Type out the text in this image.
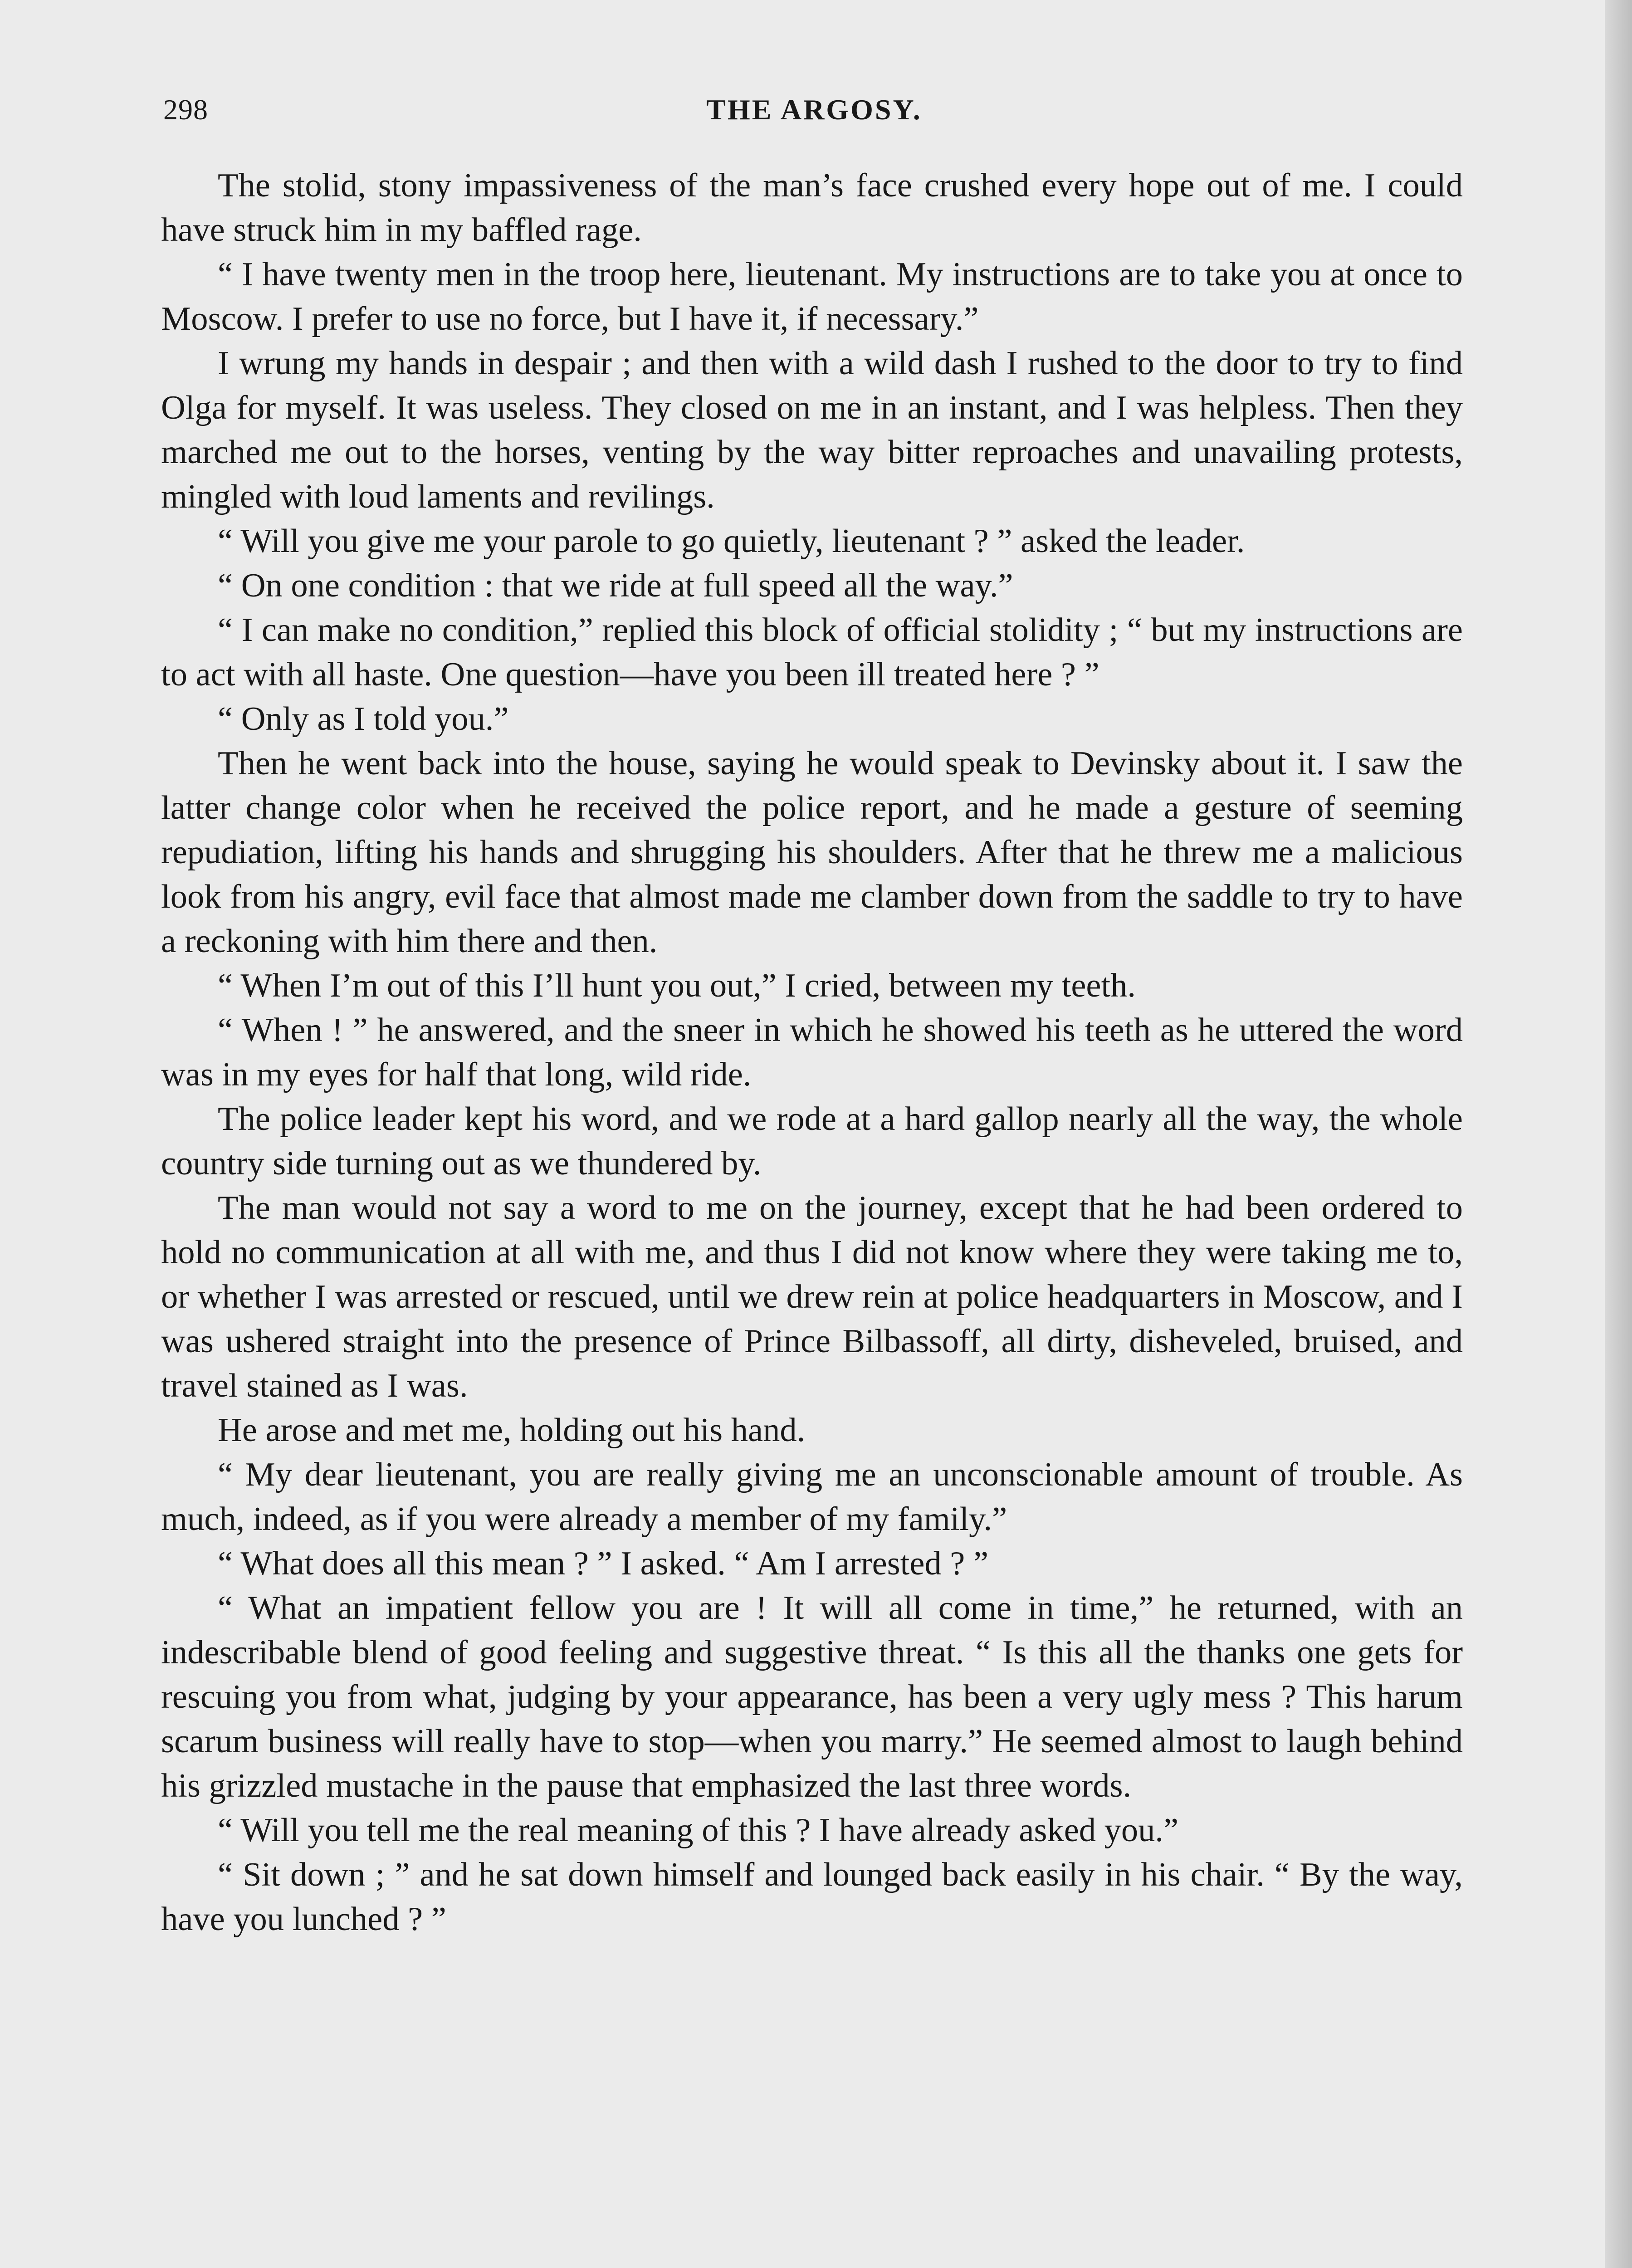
298	THE ARGOSY.

The stolid, stony impassiveness of the man’s face crushed every hope out of me. I could have struck him in my baffled rage.

“ I have twenty men in the troop here, lieutenant. My instructions are to take you at once to Moscow. I prefer to use no force, but I have it, if necessary.”

I wrung my hands in despair ; and then with a wild dash I rushed to the door to try to find Olga for myself. It was useless. They closed on me in an instant, and I was helpless. Then they marched me out to the horses, venting by the way bitter reproaches and unavailing protests, mingled with loud laments and revilings.

“ Will you give me your parole to go quietly, lieutenant ? ” asked the leader.

“ On one condition : that we ride at full speed all the way.”

“ I can make no condition,” replied this block of official stolidity ; “ but my instructions are to act with all haste. One question—have you been ill treated here ? ”

“ Only as I told you.”

Then he went back into the house, saying he would speak to Devinsky about it. I saw the latter change color when he received the police report, and he made a gesture of seeming repudiation, lifting his hands and shrugging his shoulders. After that he threw me a malicious look from his angry, evil face that almost made me clamber down from the saddle to try to have a reckoning with him there and then.

“ When I’m out of this I’ll hunt you out,” I cried, between my teeth.

“ When ! ” he answered, and the sneer in which he showed his teeth as he uttered the word was in my eyes for half that long, wild ride.

The police leader kept his word, and we rode at a hard gallop nearly all the way, the whole country side turning out as we thundered by.

The man would not say a word to me on the journey, except that he had been ordered to hold no communication at all with me, and thus I did not know where they were taking me to, or whether I was arrested or rescued, until we drew rein at police headquarters in Moscow, and I was ushered straight into the presence of Prince Bilbassoff, all dirty, disheveled, bruised, and travel stained as I was.

He arose and met me, holding out his hand.

“ My dear lieutenant, you are really giving me an unconscionable amount of trouble. As much, indeed, as if you were already a member of my family.”

“ What does all this mean ? ” I asked. “ Am I arrested ? ”

“ What an impatient fellow you are ! It will all come in time,” he returned, with an indescribable blend of good feeling and suggestive threat. “ Is this all the thanks one gets for rescuing you from what, judging by your appearance, has been a very ugly mess ? This harum scarum business will really have to stop—when you marry.” He seemed almost to laugh behind his grizzled mustache in the pause that emphasized the last three words.

“ Will you tell me the real meaning of this ? I have already asked you.”

“ Sit down ; ” and he sat down himself and lounged back easily in his chair. “ By the way, have you lunched ? ”
